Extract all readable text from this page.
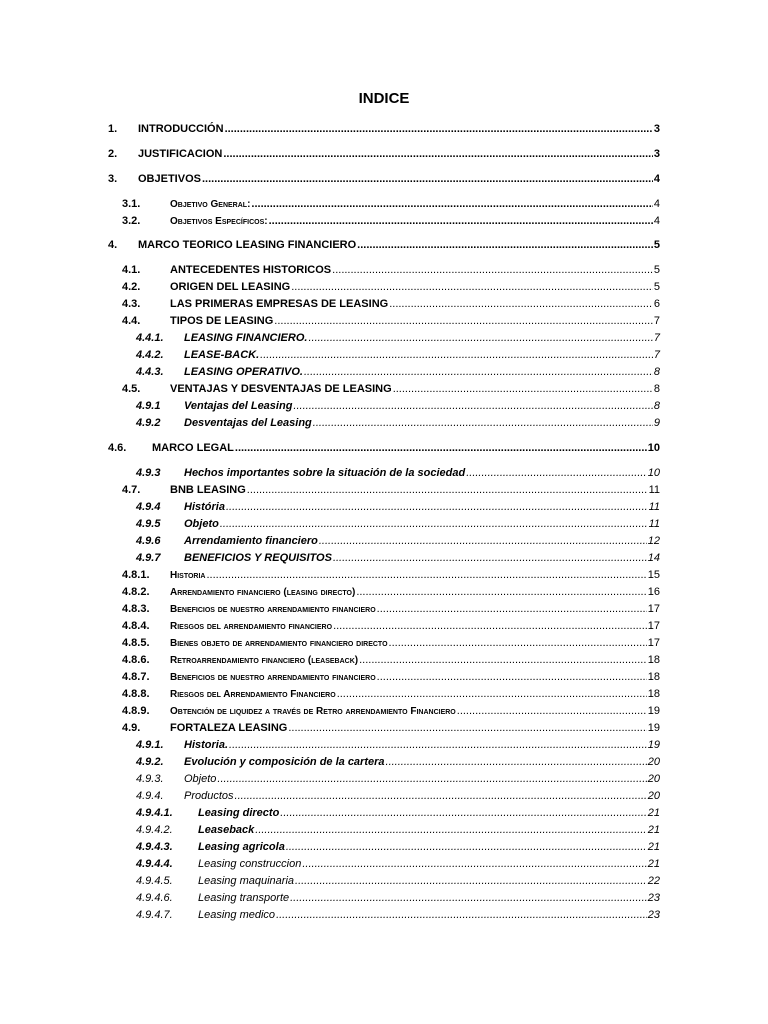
INDICE
1.	INTRODUCCIÓN .....	3
2.	JUSTIFICACION .....	3
3.	OBJETIVOS .....	4
3.1.	Objetivo General: .....	4
3.2.	Objetivos Específicos: .....	4
4.	MARCO TEORICO LEASING FINANCIERO .....	5
4.1.	ANTECEDENTES HISTORICOS .....	5
4.2.	ORIGEN DEL LEASING .....	5
4.3.	LAS PRIMERAS EMPRESAS DE LEASING .....	6
4.4.	TIPOS DE LEASING .....	7
4.4.1.	LEASING FINANCIERO. .....	7
4.4.2.	LEASE-BACK. .....	7
4.4.3.	LEASING OPERATIVO. .....	8
4.5.	VENTAJAS Y DESVENTAJAS DE LEASING .....	8
4.9.1	Ventajas del Leasing .....	8
4.9.2	Desventajas del Leasing .....	9
4.6.	MARCO LEGAL .....	10
4.9.3	Hechos importantes sobre la situación de la sociedad .....	10
4.7.	BNB LEASING .....	11
4.9.4	História .....	11
4.9.5	Objeto .....	11
4.9.6	Arrendamiento financiero .....	12
4.9.7	BENEFICIOS Y REQUISITOS .....	14
4.8.1.	Historia .....	15
4.8.2.	Arrendamiento financiero (leasing directo) .....	16
4.8.3.	Beneficios de nuestro arrendamiento financiero .....	17
4.8.4.	Riesgos del arrendamiento financiero .....	17
4.8.5.	Bienes objeto de arrendamiento financiero directo .....	17
4.8.6.	Retroarrendamiento financiero (leaseback) .....	18
4.8.7.	Beneficios de nuestro arrendamiento financiero .....	18
4.8.8.	Riesgos del Arrendamiento Financiero .....	18
4.8.9.	Obtención de liquidez a través de Retro arrendamiento Financiero .....	19
4.9.	FORTALEZA LEASING .....	19
4.9.1.	Historia. .....	19
4.9.2.	Evolución y composición de la cartera .....	20
4.9.3.	Objeto .....	20
4.9.4.	Productos .....	20
4.9.4.1.	Leasing directo .....	21
4.9.4.2.	Leaseback .....	21
4.9.4.3.	Leasing agricola .....	21
4.9.4.4.	Leasing construccion .....	21
4.9.4.5.	Leasing maquinaria .....	22
4.9.4.6.	Leasing transporte .....	23
4.9.4.7.	Leasing medico .....	23
